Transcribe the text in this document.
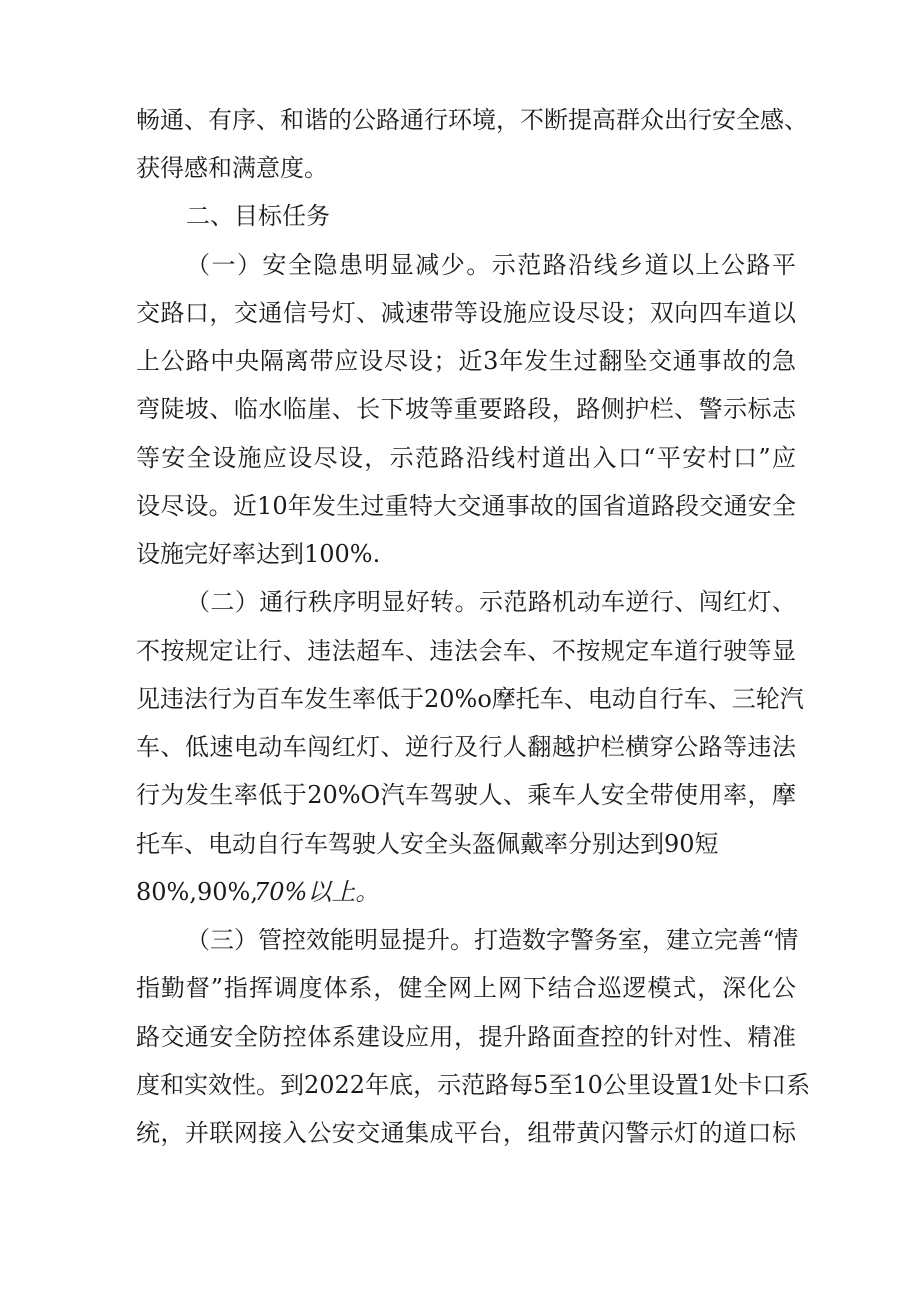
畅通、有序、和谐的公路通行环境，不断提高群众出行安全感、
获得感和满意度。
二、目标任务
（一）安全隐患明显减少。示范路沿线乡道以上公路平
交路口，交通信号灯、减速带等设施应设尽设；双向四车道以
上公路中央隔离带应设尽设；近3年发生过翻坠交通事故的急
弯陡坡、临水临崖、长下坡等重要路段，路侧护栏、警示标志
等安全设施应设尽设，示范路沿线村道出入口“平安村口”应
设尽设。近10年发生过重特大交通事故的国省道路段交通安全
设施完好率达到100%.
（二）通行秩序明显好转。示范路机动车逆行、闯红灯、
不按规定让行、违法超车、违法会车、不按规定车道行驶等显
见违法行为百车发生率低于20%o摩托车、电动自行车、三轮汽
车、低速电动车闯红灯、逆行及行人翻越护栏横穿公路等违法
行为发生率低于20%O汽车驾驶人、乘车人安全带使用率，摩
托车、电动自行车驾驶人安全头盔佩戴率分别达到90短
80%,90%,
70%以上。
（三）管控效能明显提升。打造数字警务室，建立完善“情
指勤督”指挥调度体系，健全网上网下结合巡逻模式，深化公
路交通安全防控体系建设应用，提升路面查控的针对性、精准
度和实效性。到2022年底，示范路每5至10公里设置1处卡口系
统，并联网接入公安交通集成平台，组带黄闪警示灯的道口标
